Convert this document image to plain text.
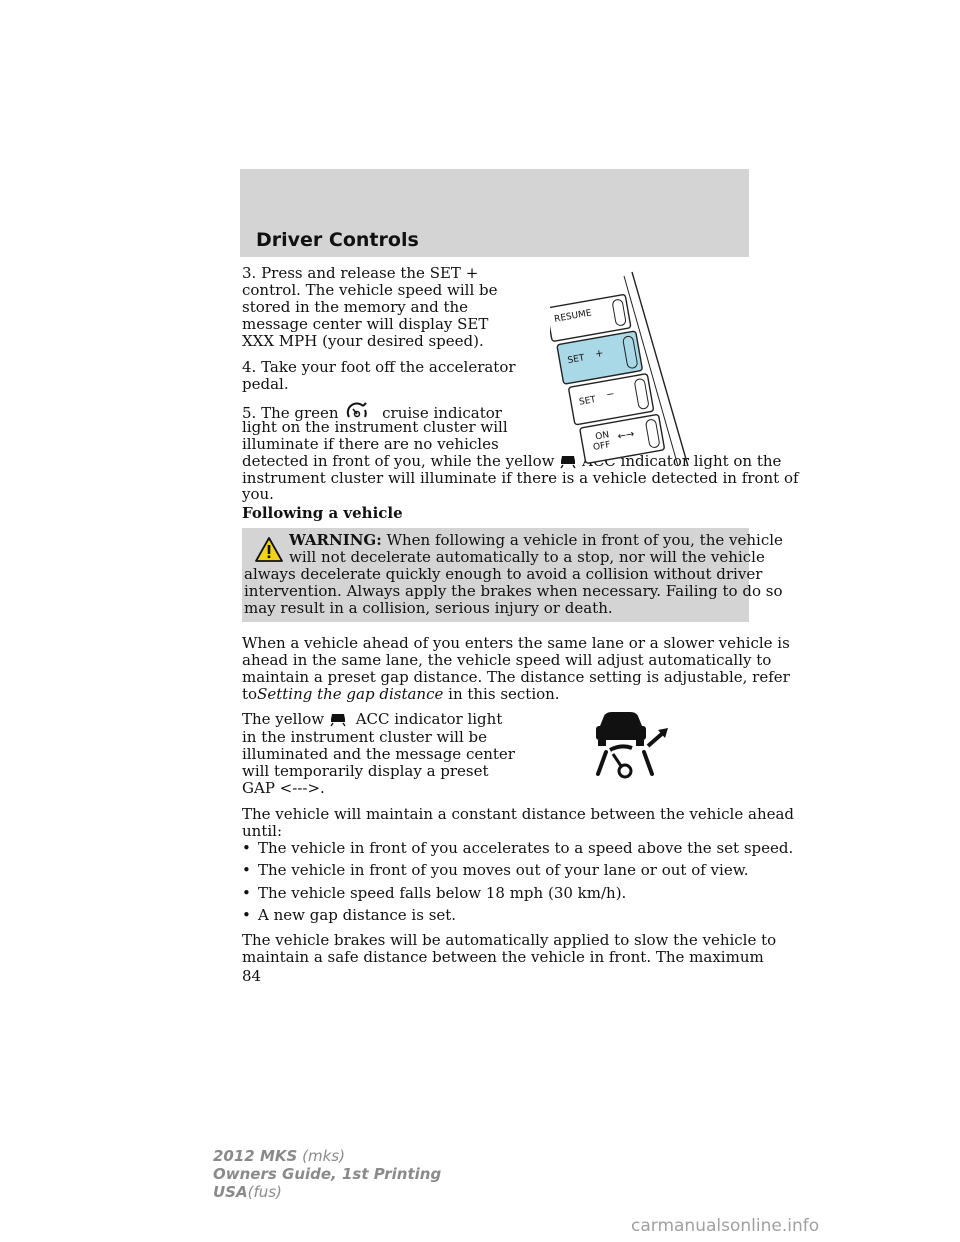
Driver Controls
3. Press and release the SET +
control. The vehicle speed will be
stored in the memory and the
message center will display SET
XXX MPH (your desired speed).
4. Take your foot off the accelerator
pedal.
5. The green	cruise indicator
light on the instrument cluster will
illuminate if there are no vehicles
detected in front of you, while the yellow ACC indicator light on the
instrument cluster will illuminate if there is a vehicle detected in front of
you.
Following a vehicle
WARNING: When following a vehicle in front of you, the vehicle
will not decelerate automatically to a stop, nor will the vehicle
always decelerate quickly enough to avoid a collision without driver
intervention. Always apply the brakes when necessary. Failing to do so
may result in a collision, serious injury or death.
When a vehicle ahead of you enters the same lane or a slower vehicle is
ahead in the same lane, the vehicle speed will adjust automatically to
maintain a preset gap distance. The distance setting is adjustable, refer
toSetting the gap distance in this section.
The yellow ACC indicator light
in the instrument cluster will be
illuminated and the message center
will temporarily display a preset
GAP <--->.
The vehicle will maintain a constant distance between the vehicle ahead
until:
• The vehicle in front of you accelerates to a speed above the set speed.
• The vehicle in front of you moves out of your lane or out of view.
• The vehicle speed falls below 18 mph (30 km/h).
• A new gap distance is set.
The vehicle brakes will be automatically applied to slow the vehicle to
maintain a safe distance between the vehicle in front. The maximum
84
RESUME
SET +
SET
−
ON
OFF
←→
2012 MKS (mks)
Owners Guide, 1st Printing
USA(fus)
carmanualsonline.info
